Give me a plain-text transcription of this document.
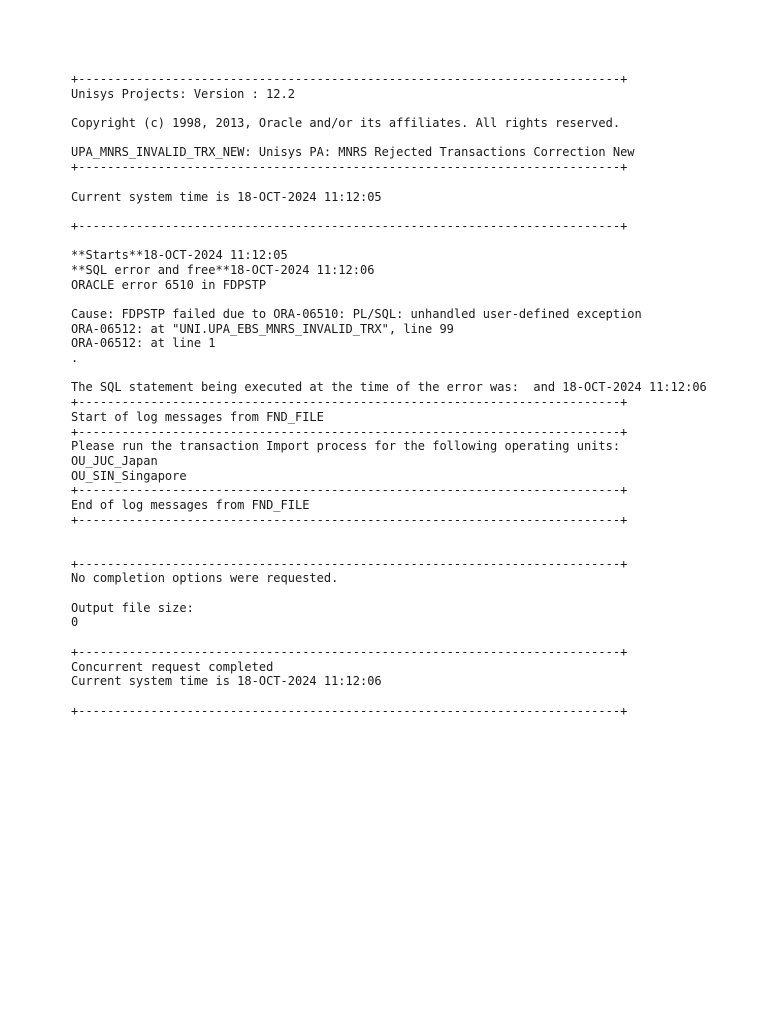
+---------------------------------------------------------------------------+
Unisys Projects: Version : 12.2
Copyright (c) 1998, 2013, Oracle and/or its affiliates. All rights reserved.
UPA_MNRS_INVALID_TRX_NEW: Unisys PA: MNRS Rejected Transactions Correction New
+---------------------------------------------------------------------------+
Current system time is 18-OCT-2024 11:12:05
+---------------------------------------------------------------------------+
**Starts**18-OCT-2024 11:12:05
**SQL error and free**18-OCT-2024 11:12:06
ORACLE error 6510 in FDPSTP
Cause: FDPSTP failed due to ORA-06510: PL/SQL: unhandled user-defined exception
ORA-06512: at "UNI.UPA_EBS_MNRS_INVALID_TRX", line 99
ORA-06512: at line 1
.
The SQL statement being executed at the time of the error was:  and 18-OCT-2024 11:12:06
+---------------------------------------------------------------------------+
Start of log messages from FND_FILE
+---------------------------------------------------------------------------+
Please run the transaction Import process for the following operating units:
OU_JUC_Japan
OU_SIN_Singapore
+---------------------------------------------------------------------------+
End of log messages from FND_FILE
+---------------------------------------------------------------------------+
+---------------------------------------------------------------------------+
No completion options were requested.
Output file size:
0
+---------------------------------------------------------------------------+
Concurrent request completed
Current system time is 18-OCT-2024 11:12:06
+---------------------------------------------------------------------------+
